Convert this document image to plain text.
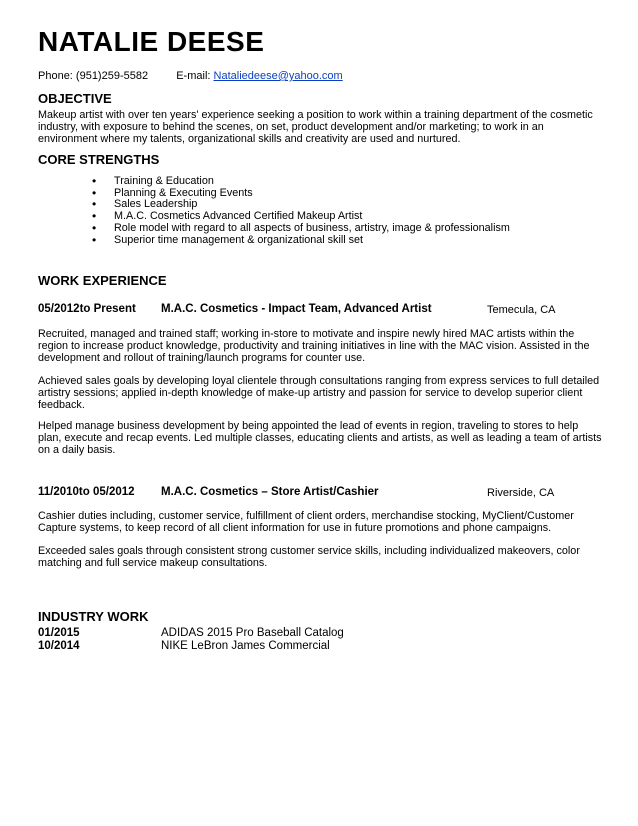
NATALIE DEESE
Phone: (951)259-5582	E-mail: Nataliedeese@yahoo.com
OBJECTIVE
Makeup artist with over ten years' experience seeking a position to work within a training department of the cosmetic industry, with exposure to behind the scenes, on set, product development and/or marketing; to work in an environment where my talents, organizational skills and creativity are used and nurtured.
CORE STRENGTHS
• Training & Education
• Planning & Executing Events
• Sales Leadership
• M.A.C. Cosmetics Advanced Certified Makeup Artist
• Role model with regard to all aspects of business, artistry, image & professionalism
• Superior time management & organizational skill set
WORK EXPERIENCE
05/2012to Present M.A.C. Cosmetics - Impact Team, Advanced Artist	Temecula, CA
Recruited, managed and trained staff; working in-store to motivate and inspire newly hired MAC artists within the region to increase product knowledge, productivity and training initiatives in line with the MAC vision. Assisted in the development and rollout of training/launch programs for counter use.
Achieved sales goals by developing loyal clientele through consultations ranging from express services to full detailed artistry sessions; applied in-depth knowledge of make-up artistry and passion for service to develop superior client feedback.
Helped manage business development by being appointed the lead of events in region, traveling to stores to help plan, execute and recap events. Led multiple classes, educating clients and artists, as well as leading a team of artists on a daily basis.
11/2010to 05/2012 M.A.C. Cosmetics – Store Artist/Cashier	Riverside, CA
Cashier duties including, customer service, fulfillment of client orders, merchandise stocking, MyClient/Customer Capture systems, to keep record of all client information for use in future promotions and phone campaigns.
Exceeded sales goals through consistent strong customer service skills, including individualized makeovers, color matching and full service makeup consultations.
INDUSTRY WORK
01/2015	ADIDAS 2015 Pro Baseball Catalog
10/2014	NIKE LeBron James Commercial
